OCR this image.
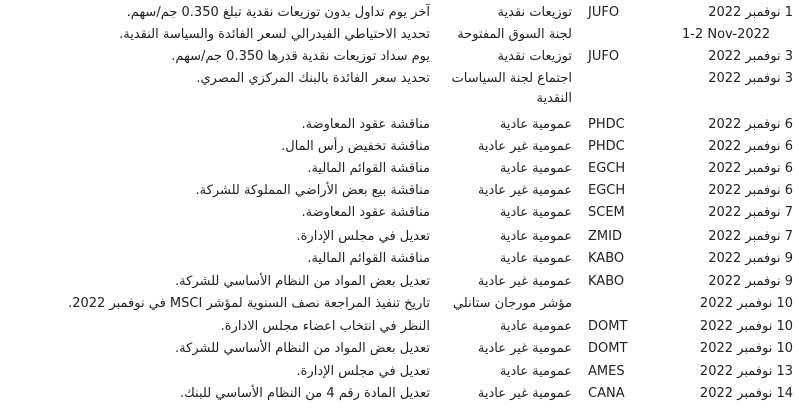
1 نوفمبر 2022
JUFO
توزيعات نقدية
آخر يوم تداول بدون توزيعات نقدية تبلغ 0.350 جم/سهم.
1-2 Nov-2022
لجنة السوق المفتوحة
تحديد الاحتياطي الفيدرالي لسعر الفائدة والسياسة النقدية.
3 نوفمبر 2022
JUFO
توزيعات نقدية
يوم سداد توزيعات نقدية قدرها 0.350 جم/سهم.
3 نوفمبر 2022
اجتماع لجنة السياسات النقدية
تحديد سعر الفائدة بالبنك المركزي المصري.
6 نوفمبر 2022
PHDC
عمومية عادية
مناقشة عقود المعاوضة.
6 نوفمبر 2022
PHDC
عمومية غير عادية
مناقشة تخفيض رأس المال.
6 نوفمبر 2022
EGCH
عمومية عادية
مناقشة القوائم المالية.
6 نوفمبر 2022
EGCH
عمومية غير عادية
مناقشة بيع بعض الأراضي المملوكة للشركة.
7 نوفمبر 2022
SCEM
عمومية عادية
مناقشة عقود المعاوضة.
7 نوفمبر 2022
ZMID
عمومية عادية
تعديل في مجلس الإدارة.
9 نوفمبر 2022
KABO
عمومية عادية
مناقشة القوائم المالية.
9 نوفمبر 2022
KABO
عمومية غير عادية
تعديل بعض المواد من النظام الأساسي للشركة.
10 نوفمبر 2022
مؤشر مورجان ستانلي
تاريخ تنفيذ المراجعة نصف السنوية لمؤشر MSCI في نوفمبر 2022.
10 نوفمبر 2022
DOMT
عمومية عادية
النظر في انتخاب اعضاء مجلس الادارة.
10 نوفمبر 2022
DOMT
عمومية غير عادية
تعديل بعض المواد من النظام الأساسي للشركة.
13 نوفمبر 2022
AMES
عمومية عادية
تعديل في مجلس الإدارة.
14 نوفمبر 2022
CANA
عمومية غير عادية
تعديل المادة رقم 4 من النظام الأساسي للبنك.
